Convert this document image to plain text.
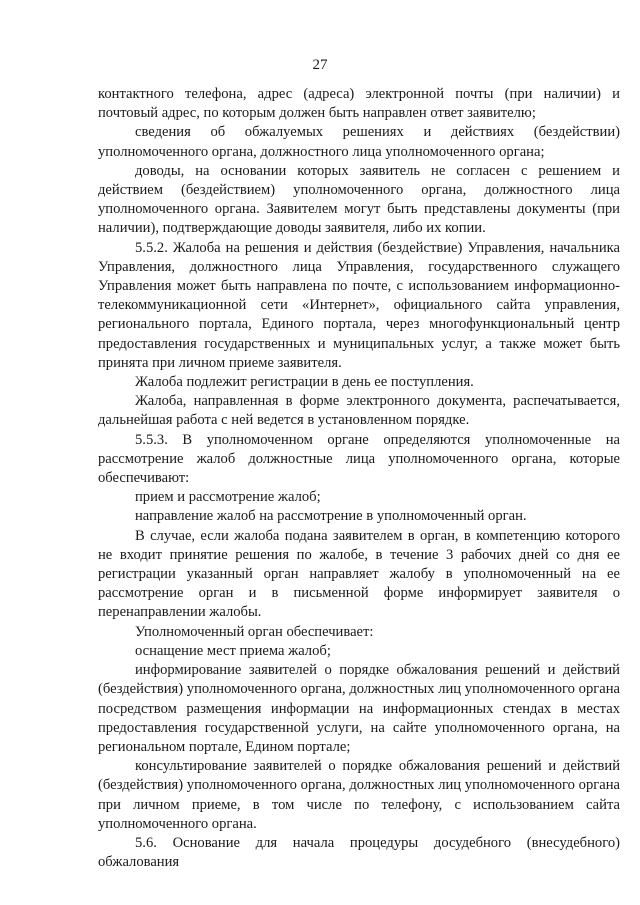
27

контактного телефона, адрес (адреса) электронной почты (при наличии) и почтовый адрес, по которым должен быть направлен ответ заявителю;

сведения об обжалуемых решениях и действиях (бездействии) уполномоченного органа, должностного лица уполномоченного органа;

доводы, на основании которых заявитель не согласен с решением и действием (бездействием) уполномоченного органа, должностного лица уполномоченного органа. Заявителем могут быть представлены документы (при наличии), подтверждающие доводы заявителя, либо их копии.

5.5.2. Жалоба на решения и действия (бездействие) Управления, начальника Управления, должностного лица Управления, государственного служащего Управления может быть направлена по почте, с использованием информационно-телекоммуникационной сети «Интернет», официального сайта управления, регионального портала, Единого портала, через многофункциональный центр предоставления государственных и муниципальных услуг, а также может быть принята при личном приеме заявителя.

Жалоба подлежит регистрации в день ее поступления.

Жалоба, направленная в форме электронного документа, распечатывается, дальнейшая работа с ней ведется в установленном порядке.

5.5.3. В уполномоченном органе определяются уполномоченные на рассмотрение жалоб должностные лица уполномоченного органа, которые обеспечивают:

прием и рассмотрение жалоб;

направление жалоб на рассмотрение в уполномоченный орган.

В случае, если жалоба подана заявителем в орган, в компетенцию которого не входит принятие решения по жалобе, в течение 3 рабочих дней со дня ее регистрации указанный орган направляет жалобу в уполномоченный на ее рассмотрение орган и в письменной форме информирует заявителя о перенаправлении жалобы.

Уполномоченный орган обеспечивает:

оснащение мест приема жалоб;

информирование заявителей о порядке обжалования решений и действий (бездействия) уполномоченного органа, должностных лиц уполномоченного органа посредством размещения информации на информационных стендах в местах предоставления государственной услуги, на сайте уполномоченного органа, на региональном портале, Едином портале;

консультирование заявителей о порядке обжалования решений и действий (бездействия) уполномоченного органа, должностных лиц уполномоченного органа при личном приеме, в том числе по телефону, с использованием сайта уполномоченного органа.

5.6. Основание для начала процедуры досудебного (внесудебного) обжалования
